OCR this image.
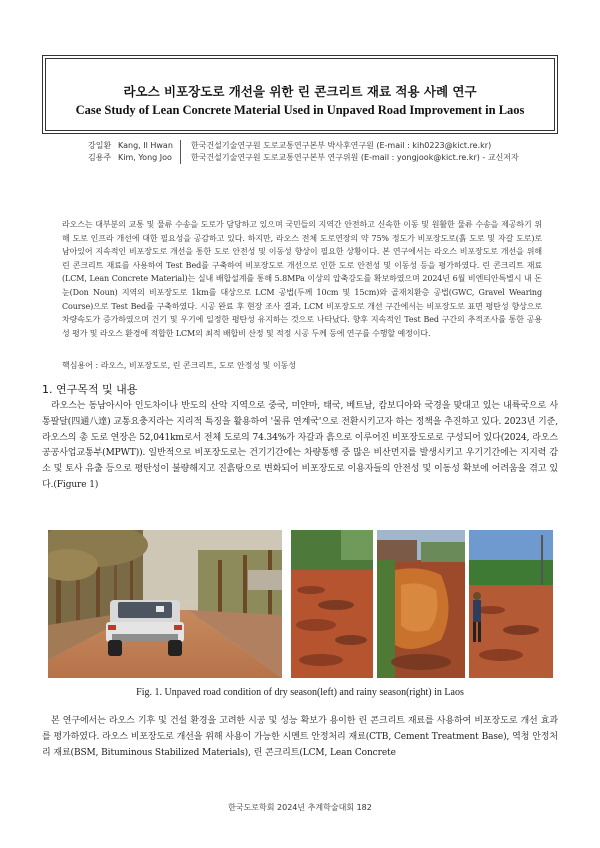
라오스 비포장도로 개선을 위한 린 콘크리트 재료 적용 사례 연구
Case Study of Lean Concrete Material Used in Unpaved Road Improvement in Laos
강일환 Kang, Il Hwan	한국건설기술연구원 도로교통연구본부 박사후연구원 (E-mail : kih0223@kict.re.kr)
김용주 Kim, Yong Joo	한국건설기술연구원 도로교통연구본부 연구위원 (E-mail : yongjook@kict.re.kr) - 교신저자

라오스는 대부분의 교통 및 물류 수송을 도로가 담당하고 있으며 국민들의 지역간 안전하고 신속한 이동 및 원활한 물류 수송을 제공하기 위해 도로 인프라 개선에 대한 필요성을 공감하고 있다. 하지만, 라오스 전체 도로연장의 약 75% 정도가 비포장도로(흙 도로 및 자갈 도로)로 남아있어 지속적인 비포장도로 개선을 통한 도로 안전성 및 이동성 향상이 필요한 상황이다. 본 연구에서는 라오스 비포장도로 개선을 위해 린 콘크리트 재료를 사용하여 Test Bed를 구축하여 비포장도로 개선으로 인한 도로 안전성 및 이동성 등을 평가하였다. 린 콘크리트 재료(LCM, Lean Concrete Material)는 실내 배합설계를 통해 5.8MPa 이상의 압축강도를 확보하였으며 2024년 6월 비엔티안특별시 내 돈눈(Don Noun) 지역의 비포장도로 1km를 대상으로 LCM 공법(두께 10cm 및 15cm)와 골재치환층 공법(GWC, Gravel Wearing Course)으로 Test Bed를 구축하였다. 시공 완료 후 현장 조사 결과, LCM 비포장도로 개선 구간에서는 비포장도로 표면 평탄성 향상으로 차량속도가 증가하였으며 건기 및 우기에 일정한 평탄성 유지하는 것으로 나타났다. 향후 지속적인 Test Bed 구간의 추적조사를 통한 공용성 평가 및 라오스 환경에 적합한 LCM의 최적 배합비 산정 및 적정 시공 두께 등에 연구를 수행할 예정이다.

핵심용어 : 라오스, 비포장도로, 린 콘크리트, 도로 안정성 및 이동성
1. 연구목적 및 내용

라오스는 동남아시아 인도차이나 반도의 산악 지역으로 중국, 미얀마, 태국, 베트남, 캄보디아와 국경을 맞대고 있는 내륙국으로 사통팔달(四通八達) 교통요충지라는 지리적 특징을 활용하여 '물류 연계국'으로 전환시키고자 하는 정책을 추진하고 있다. 2023년 기준, 라오스의 총 도로 연장은 52,041km로서 전체 도로의 74.34%가 자갈과 흙으로 이루어진 비포장도로로 구성되어 있다(2024, 라오스 공공사업교통부(MPWT)). 일반적으로 비포장도로는 건기기간에는 차량통행 중 많은 비산먼지를 발생시키고 우기기간에는 지지력 감소 및 토사 유출 등으로 평탄성이 불량해지고 진흙탕으로 변화되어 비포장도로 이용자들의 안전성 및 이동성 확보에 어려움을 겪고 있다.(Figure 1)

Fig. 1. Unpaved road condition of dry season(left) and rainy season(right) in Laos

본 연구에서는 라오스 기후 및 건설 환경을 고려한 시공 및 성능 확보가 용이한 린 콘크리트 재료를 사용하여 비포장도로 개선 효과를 평가하였다. 라오스 비포장도로 개선을 위해 사용이 가능한 시멘트 안정처리 재료(CTB, Cement Treatment Base), 역청 안정처리 재료(BSM, Bituminous Stabilized Materials), 린 콘크리트(LCM, Lean Concrete

한국도로학회 2024년 추계학술대회 182
